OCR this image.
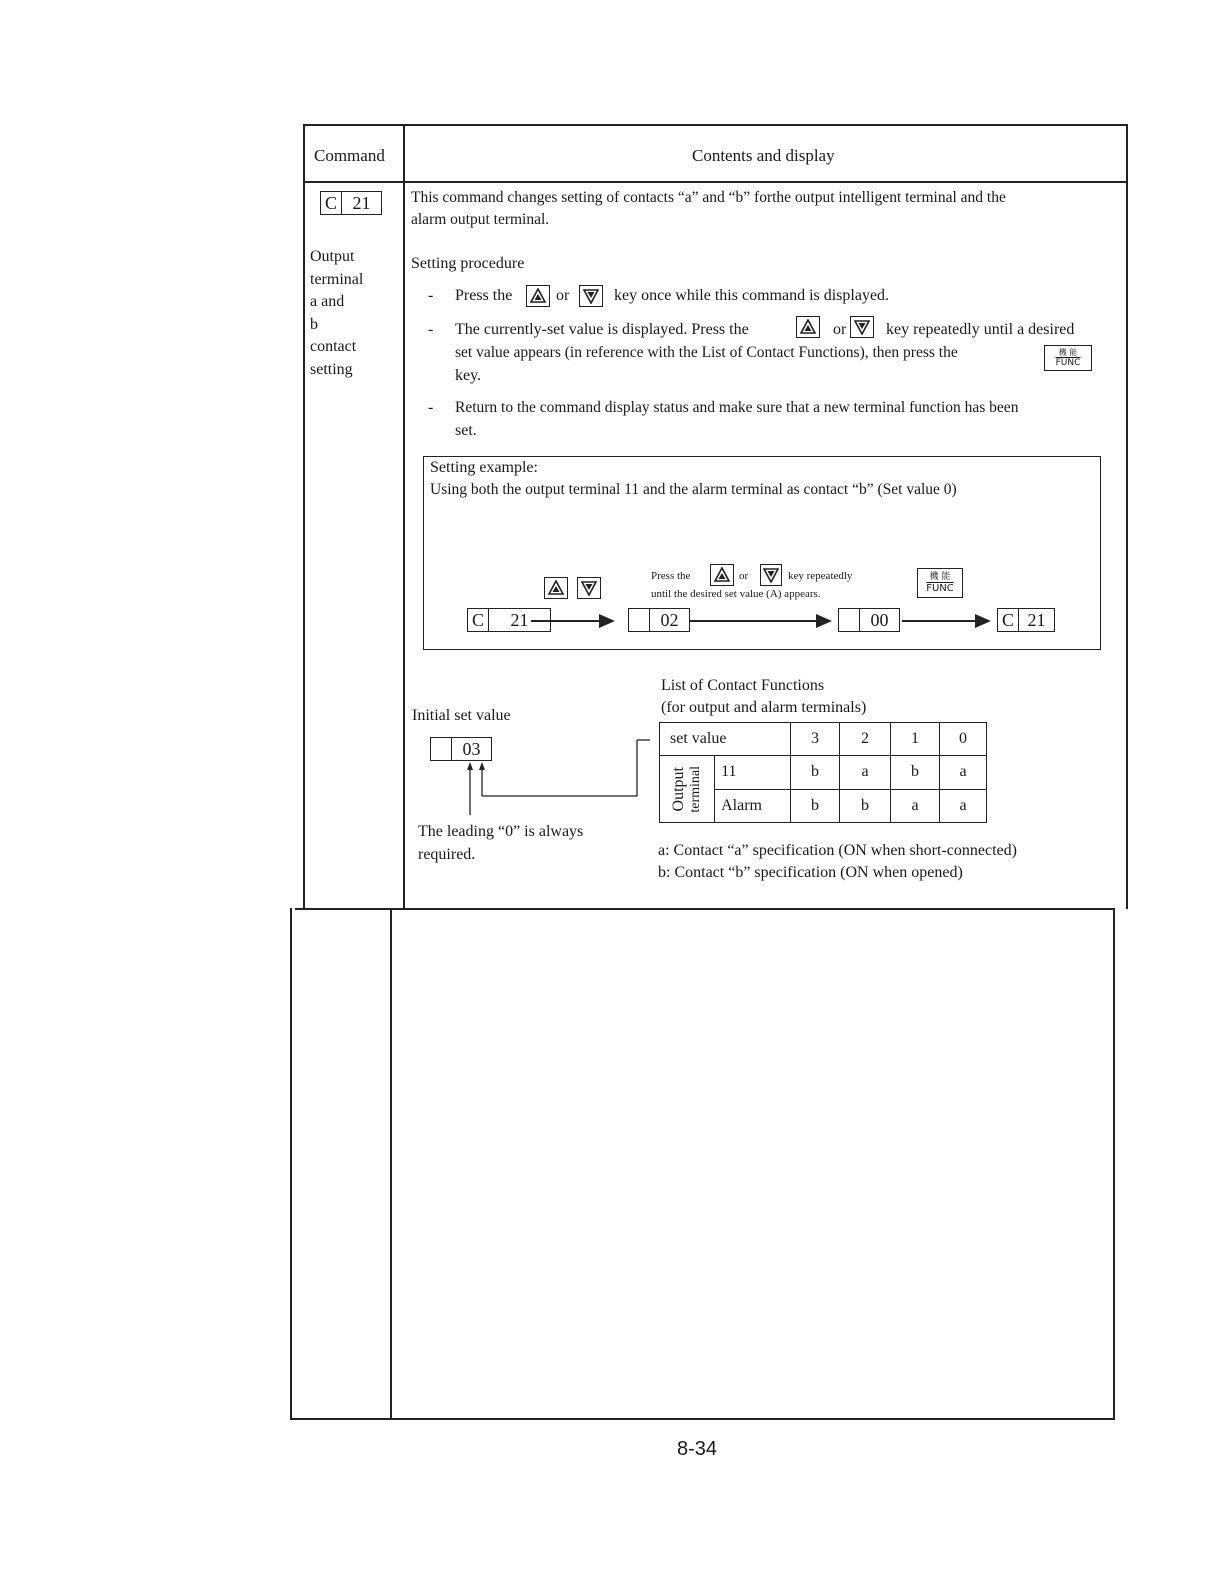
Command	Contents and display
C 21
Output
terminal
a and
b
contact
setting
This command changes setting of contacts “a” and “b” forthe output intelligent terminal and the
alarm output terminal.
Setting procedure
- Press the	or	key once while this command is displayed.
- The currently-set value is displayed. Press the	or key repeatedly until a desired
set value appears (in reference with the List of Contact Functions), then press the	機 能
FUNC
key.
- Return to the command display status and make sure that a new terminal function has been
set.
Setting example:
Using both the output terminal 11 and the alarm terminal as contact “b” (Set value 0)
Press the	or	key repeatedly
until the desired set value (A) appears.
機 能
FUNC
C	21	02	00	C 21
Initial set value
03
The leading “0” is always
required.
List of Contact Functions
(for output and alarm terminals)
set value		3	2	1	0

Output terminal	11	b	a	b	a
	Alarm	b	b	a	a
a: Contact “a” specification (ON when short-connected)
b: Contact “b” specification (ON when opened)
8-34
